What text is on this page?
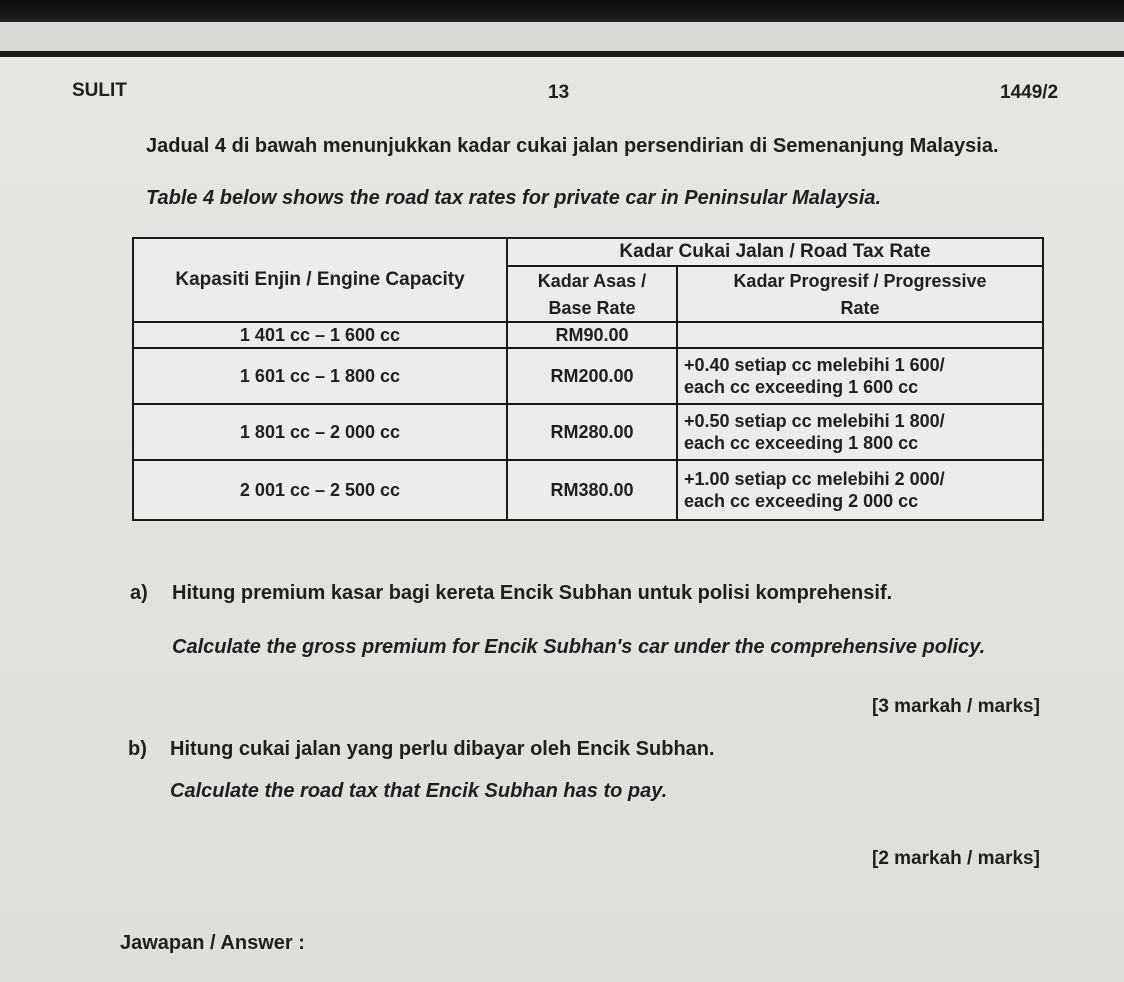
SULIT	13	1449/2
Jadual 4 di bawah menunjukkan kadar cukai jalan persendirian di Semenanjung Malaysia.
Table 4 below shows the road tax rates for private car in Peninsular Malaysia.
Kapasiti Enjin / Engine Capacity	Kadar Cukai Jalan / Road Tax Rate	
	Kadar Asas /	Kadar Progresif / Progressive
	Base Rate	Rate
1 401 cc – 1 600 cc	RM90.00	
1 601 cc – 1 800 cc	RM200.00	+0.40 setiap cc melebihi 1 600/
each cc exceeding 1 600 cc

1 801 cc – 2 000 cc	RM280.00	+0.50 setiap cc melebihi 1 800/
each cc exceeding 1 800 cc

2 001 cc – 2 500 cc	RM380.00	+1.00 setiap cc melebihi 2 000/
each cc exceeding 2 000 cc
a) Hitung premium kasar bagi kereta Encik Subhan untuk polisi komprehensif.
Calculate the gross premium for Encik Subhan's car under the comprehensive policy.
[3 markah / marks]
b) Hitung cukai jalan yang perlu dibayar oleh Encik Subhan.
Calculate the road tax that Encik Subhan has to pay.
[2 markah / marks]
Jawapan / Answer :
